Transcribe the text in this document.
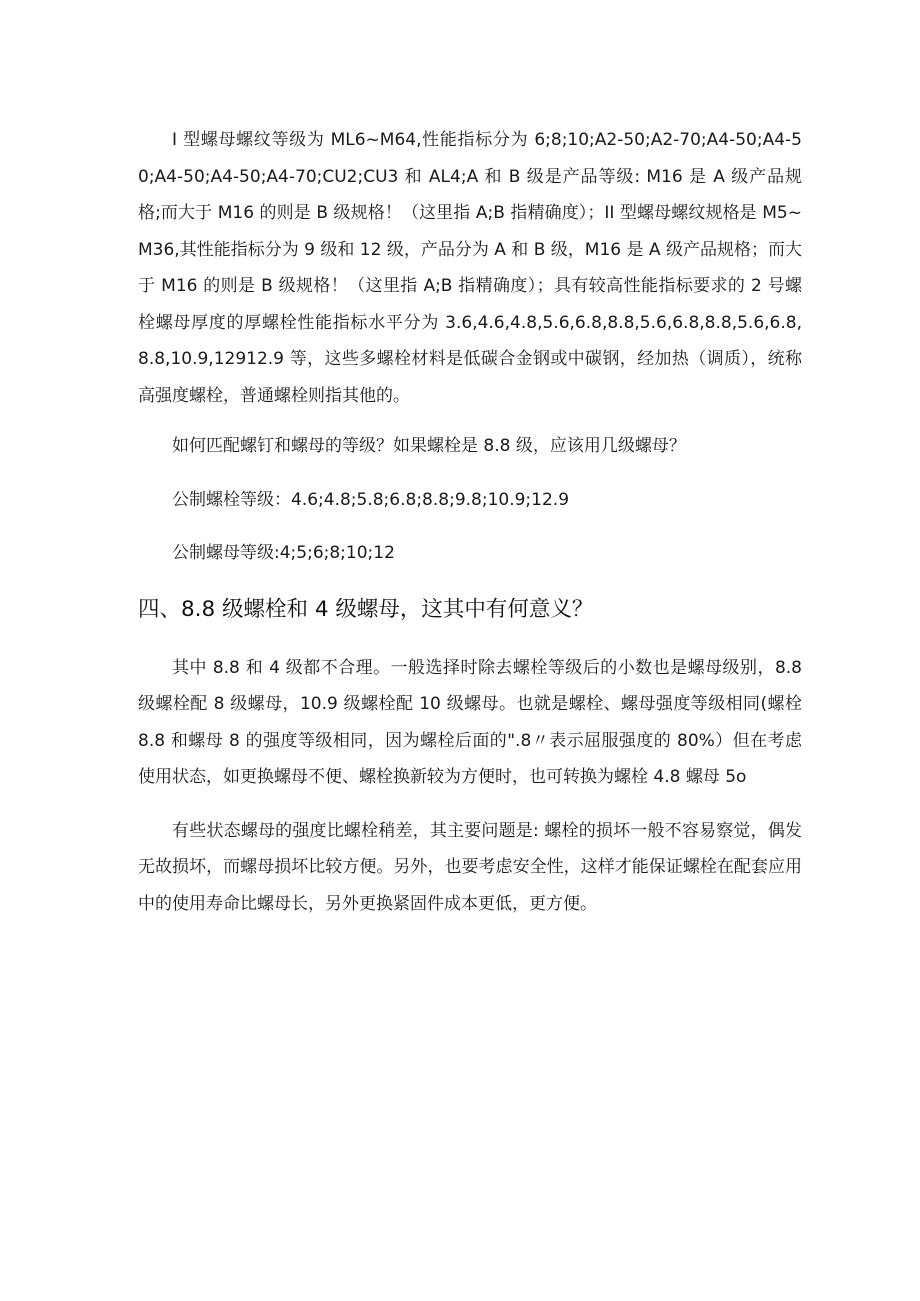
I 型螺母螺纹等级为 ML6~M64,性能指标分为 6;8;10;A2-50;A2-70;A4-50;A4-50;A4-50;A4-50;A4-70;CU2;CU3 和 AL4;A 和 B 级是产品等级: M16 是 A 级产品规格;而大于 M16 的则是 B 级规格！（这里指 A;B 指精确度）；II 型螺母螺纹规格是 M5~M36,其性能指标分为 9 级和 12 级，产品分为 A 和 B 级，M16 是 A 级产品规格；而大于 M16 的则是 B 级规格！（这里指 A;B 指精确度）；具有较高性能指标要求的 2 号螺栓螺母厚度的厚螺栓性能指标水平分为 3.6,4.6,4.8,5.6,6.8,8.8,5.6,6.8,8.8,5.6,6.8,8.8,10.9,12912.9 等，这些多螺栓材料是低碳合金钢或中碳钢，经加热（调质），统称高强度螺栓，普通螺栓则指其他的。

如何匹配螺钉和螺母的等级？如果螺栓是 8.8 级，应该用几级螺母？

公制螺栓等级：4.6;4.8;5.8;6.8;8.8;9.8;10.9;12.9

公制螺母等级:4;5;6;8;10;12

四、8.8 级螺栓和 4 级螺母，这其中有何意义？

其中 8.8 和 4 级都不合理。一般选择时除去螺栓等级后的小数也是螺母级别，8.8 级螺栓配 8 级螺母，10.9 级螺栓配 10 级螺母。也就是螺栓、螺母强度等级相同(螺栓 8.8 和螺母 8 的强度等级相同，因为螺栓后面的".8〃表示屈服强度的 80%）但在考虑使用状态，如更换螺母不便、螺栓换新较为方便时，也可转换为螺栓 4.8 螺母 5o

有些状态螺母的强度比螺栓稍差，其主要问题是: 螺栓的损坏一般不容易察觉，偶发无故损坏，而螺母损坏比较方便。另外，也要考虑安全性，这样才能保证螺栓在配套应用中的使用寿命比螺母长，另外更换紧固件成本更低，更方便。
